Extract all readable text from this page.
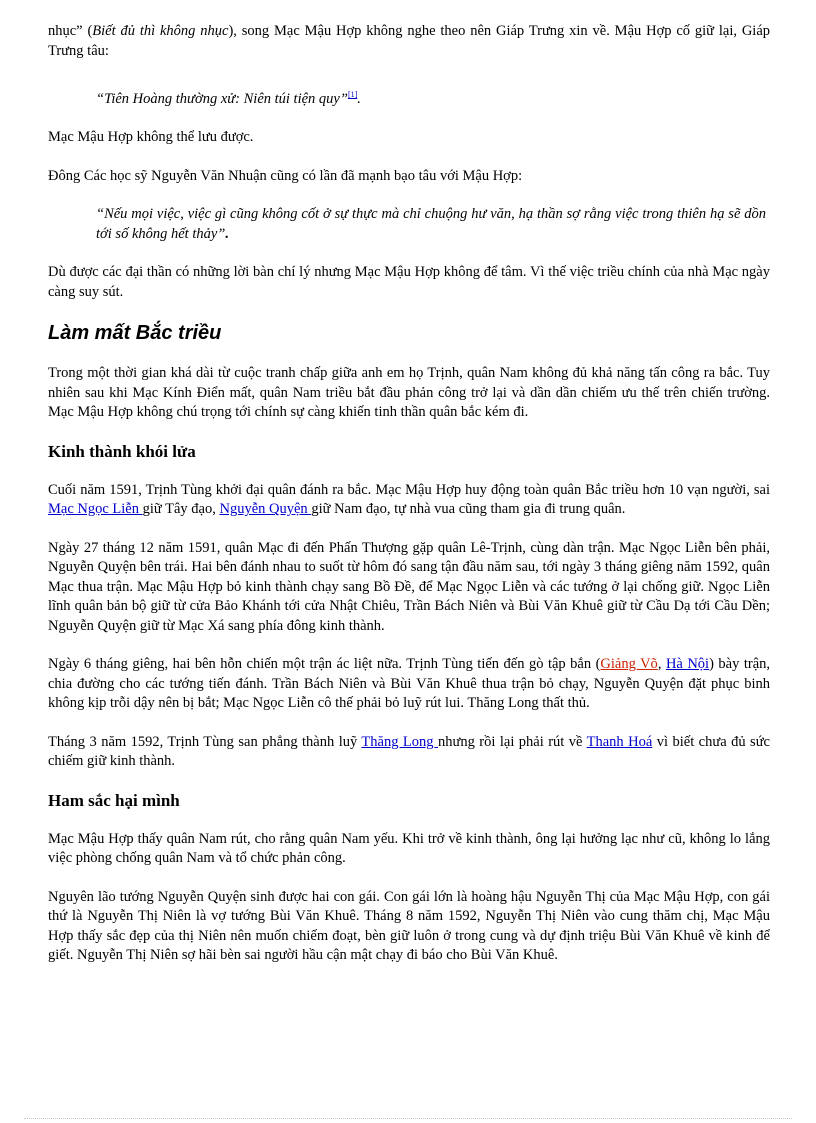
nhục” (Biết đủ thì không nhục), song Mạc Mậu Hợp không nghe theo nên Giáp Trưng xin về. Mậu Hợp cố giữ lại, Giáp Trưng tâu:

“Tiên Hoàng thường xử: Niên túi tiện quy”[1].

Mạc Mậu Hợp không thể lưu được.

Đông Các học sỹ Nguyễn Văn Nhuận cũng có lần đã mạnh bạo tâu với Mậu Hợp:

“Nếu mọi việc, việc gì cũng không cốt ở sự thực mà chỉ chuộng hư văn, hạ thần sợ rằng việc trong thiên hạ sẽ dồn tới số không hết thảy”.

Dù được các đại thần có những lời bàn chí lý nhưng Mạc Mậu Hợp không để tâm. Vì thế việc triều chính của nhà Mạc ngày càng suy sút.

Làm mất Bắc triều

Trong một thời gian khá dài từ cuộc tranh chấp giữa anh em họ Trịnh, quân Nam không đủ khả năng tấn công ra bắc. Tuy nhiên sau khi Mạc Kính Điển mất, quân Nam triều bắt đầu phản công trở lại và dần dần chiếm ưu thế trên chiến trường. Mạc Mậu Hợp không chú trọng tới chính sự càng khiến tinh thần quân bắc kém đi.

Kinh thành khói lửa

Cuối năm 1591, Trịnh Tùng khởi đại quân đánh ra bắc. Mạc Mậu Hợp huy động toàn quân Bắc triều hơn 10 vạn người, sai Mạc Ngọc Liễn giữ Tây đạo, Nguyễn Quyện giữ Nam đạo, tự nhà vua cũng tham gia đi trung quân.

Ngày 27 tháng 12 năm 1591, quân Mạc đi đến Phấn Thượng gặp quân Lê-Trịnh, cùng dàn trận. Mạc Ngọc Liễn bên phải, Nguyễn Quyện bên trái. Hai bên đánh nhau to suốt từ hôm đó sang tận đầu năm sau, tới ngày 3 tháng giêng năm 1592, quân Mạc thua trận. Mạc Mậu Hợp bỏ kinh thành chạy sang Bồ Đề, để Mạc Ngọc Liễn và các tướng ở lại chống giữ. Ngọc Liễn lĩnh quân bản bộ giữ từ cửa Bảo Khánh tới cửa Nhật Chiêu, Trần Bách Niên và Bùi Văn Khuê giữ từ Cầu Dạ tới Cầu Dền; Nguyễn Quyện giữ từ Mạc Xá sang phía đông kinh thành.

Ngày 6 tháng giêng, hai bên hỗn chiến một trận ác liệt nữa. Trịnh Tùng tiến đến gò tập bắn (Giảng Võ, Hà Nội) bày trận, chia đường cho các tướng tiến đánh. Trần Bách Niên và Bùi Văn Khuê thua trận bỏ chạy, Nguyễn Quyện đặt phục binh không kịp trỗi dậy nên bị bắt; Mạc Ngọc Liễn cô thế phải bỏ luỹ rút lui. Thăng Long thất thủ.

Tháng 3 năm 1592, Trịnh Tùng san phẳng thành luỹ Thăng Long nhưng rồi lại phải rút về Thanh Hoá vì biết chưa đủ sức chiếm giữ kinh thành.

Ham sắc hại mình

Mạc Mậu Hợp thấy quân Nam rút, cho rằng quân Nam yếu. Khi trở về kinh thành, ông lại hưởng lạc như cũ, không lo lắng việc phòng chống quân Nam và tổ chức phản công.

Nguyên lão tướng Nguyễn Quyện sinh được hai con gái. Con gái lớn là hoàng hậu Nguyễn Thị của Mạc Mậu Hợp, con gái thứ là Nguyễn Thị Niên là vợ tướng Bùi Văn Khuê. Tháng 8 năm 1592, Nguyễn Thị Niên vào cung thăm chị, Mạc Mậu Hợp thấy sắc đẹp của thị Niên nên muốn chiếm đoạt, bèn giữ luôn ở trong cung và dự định triệu Bùi Văn Khuê về kinh để giết. Nguyễn Thị Niên sợ hãi bèn sai người hầu cận mật chạy đi báo cho Bùi Văn Khuê.
